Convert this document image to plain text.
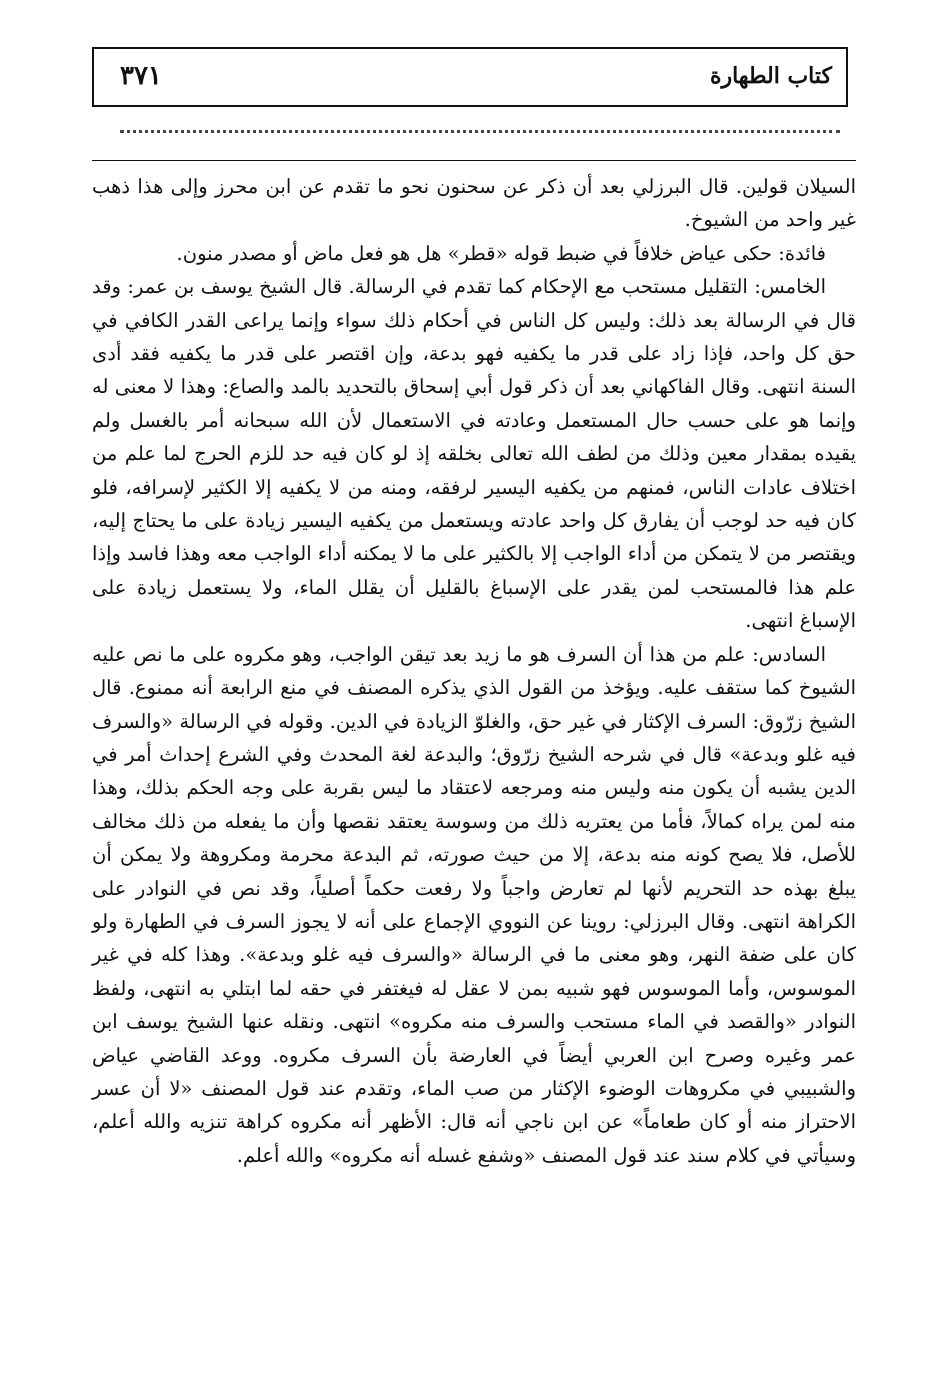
كتاب الطهارة
٣٧١

السيلان قولين. قال البرزلي بعد أن ذكر عن سحنون نحو ما تقدم عن ابن محرز وإلى هذا ذهب غير واحد من الشيوخ.

فائدة: حكى عياض خلافاً في ضبط قوله «قطر» هل هو فعل ماض أو مصدر منون.

الخامس: التقليل مستحب مع الإحكام كما تقدم في الرسالة. قال الشيخ يوسف بن عمر: وقد قال في الرسالة بعد ذلك: وليس كل الناس في أحكام ذلك سواء وإنما يراعى القدر الكافي في حق كل واحد، فإذا زاد على قدر ما يكفيه فهو بدعة، وإن اقتصر على قدر ما يكفيه فقد أدى السنة انتهى. وقال الفاكهاني بعد أن ذكر قول أبي إسحاق بالتحديد بالمد والصاع: وهذا لا معنى له وإنما هو على حسب حال المستعمل وعادته في الاستعمال لأن الله سبحانه أمر بالغسل ولم يقيده بمقدار معين وذلك من لطف الله تعالى بخلقه إذ لو كان فيه حد للزم الحرج لما علم من اختلاف عادات الناس، فمنهم من يكفيه اليسير لرفقه، ومنه من لا يكفيه إلا الكثير لإسرافه، فلو كان فيه حد لوجب أن يفارق كل واحد عادته ويستعمل من يكفيه اليسير زيادة على ما يحتاج إليه، ويقتصر من لا يتمكن من أداء الواجب إلا بالكثير على ما لا يمكنه أداء الواجب معه وهذا فاسد وإذا علم هذا فالمستحب لمن يقدر على الإسباغ بالقليل أن يقلل الماء، ولا يستعمل زيادة على الإسباغ انتهى.

السادس: علم من هذا أن السرف هو ما زيد بعد تيقن الواجب، وهو مكروه على ما نص عليه الشيوخ كما ستقف عليه. ويؤخذ من القول الذي يذكره المصنف في منع الرابعة أنه ممنوع. قال الشيخ زرّوق: السرف الإكثار في غير حق، والغلوّ الزيادة في الدين. وقوله في الرسالة «والسرف فيه غلو وبدعة» قال في شرحه الشيخ زرّوق؛ والبدعة لغة المحدث وفي الشرع إحداث أمر في الدين يشبه أن يكون منه وليس منه ومرجعه لاعتقاد ما ليس بقربة على وجه الحكم بذلك، وهذا منه لمن يراه كمالاً، فأما من يعتريه ذلك من وسوسة يعتقد نقصها وأن ما يفعله من ذلك مخالف للأصل، فلا يصح كونه منه بدعة، إلا من حيث صورته، ثم البدعة محرمة ومكروهة ولا يمكن أن يبلغ بهذه حد التحريم لأنها لم تعارض واجباً ولا رفعت حكماً أصلياً، وقد نص في النوادر على الكراهة انتهى. وقال البرزلي: روينا عن النووي الإجماع على أنه لا يجوز السرف في الطهارة ولو كان على ضفة النهر، وهو معنى ما في الرسالة «والسرف فيه غلو وبدعة». وهذا كله في غير الموسوس، وأما الموسوس فهو شبيه بمن لا عقل له فيغتفر في حقه لما ابتلي به انتهى، ولفظ النوادر «والقصد في الماء مستحب والسرف منه مكروه» انتهى. ونقله عنها الشيخ يوسف ابن عمر وغيره وصرح ابن العربي أيضاً في العارضة بأن السرف مكروه. ووعد القاضي عياض والشبيبي في مكروهات الوضوء الإكثار من صب الماء، وتقدم عند قول المصنف «لا أن عسر الاحتراز منه أو كان طعاماً» عن ابن ناجي أنه قال: الأظهر أنه مكروه كراهة تنزيه والله أعلم، وسيأتي في كلام سند عند قول المصنف «وشفع غسله أنه مكروه» والله أعلم.
